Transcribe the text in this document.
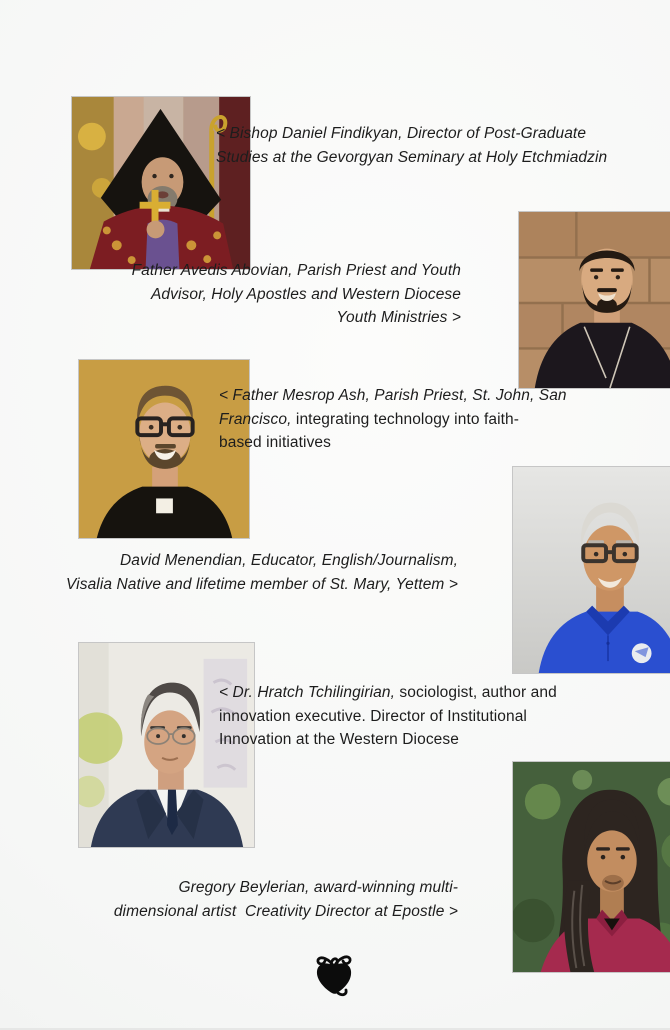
< Bishop Daniel Findikyan, Director of Post-Graduate
Studies at the Gevorgyan Seminary at Holy Etchmiadzin
Father Avedis Abovian, Parish Priest and Youth
Advisor, Holy Apostles and Western Diocese
Youth Ministries >
< Father Mesrop Ash, Parish Priest, St. John, San
Francisco, integrating technology into faith-
based initiatives
David Menendian, Educator, English/Journalism,
Visalia Native and lifetime member of St. Mary, Yettem >
< Dr. Hratch Tchilingirian, sociologist, author and
innovation executive. Director of Institutional
Innovation at the Western Diocese
Gregory Beylerian, award-winning multi-
dimensional artist  Creativity Director at Epostle >
